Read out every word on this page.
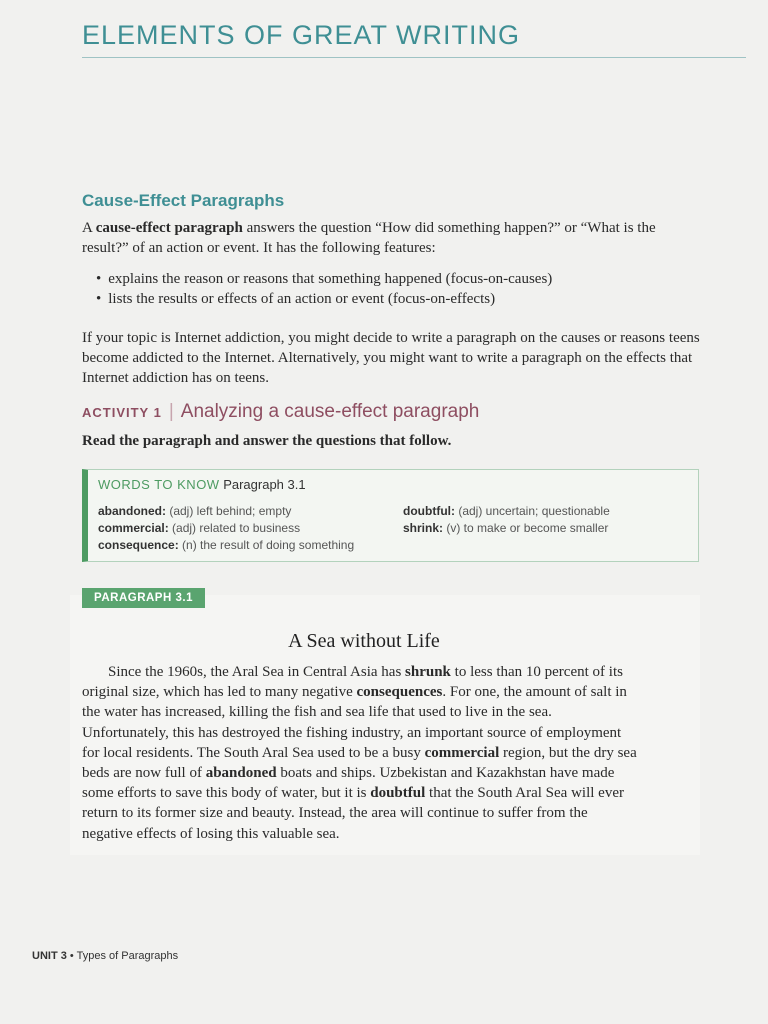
ELEMENTS OF GREAT WRITING
Cause-Effect Paragraphs

A cause-effect paragraph answers the question “How did something happen?” or “What is the result?” of an action or event. It has the following features:

• explains the reason or reasons that something happened (focus-on-causes)
• lists the results or effects of an action or event (focus-on-effects)

If your topic is Internet addiction, you might decide to write a paragraph on the causes or reasons teens become addicted to the Internet. Alternatively, you might want to write a paragraph on the effects that Internet addiction has on teens.

ACTIVITY 1 | Analyzing a cause-effect paragraph

Read the paragraph and answer the questions that follow.

WORDS TO KNOW Paragraph 3.1
abandoned: (adj) left behind; empty
commercial: (adj) related to business
consequence: (n) the result of doing something
doubtful: (adj) uncertain; questionable
shrink: (v) to make or become smaller
PARAGRAPH 3.1
A Sea without Life

Since the 1960s, the Aral Sea in Central Asia has shrunk to less than 10 percent of its original size, which has led to many negative consequences. For one, the amount of salt in the water has increased, killing the fish and sea life that used to live in the sea. Unfortunately, this has destroyed the fishing industry, an important source of employment for local residents. The South Aral Sea used to be a busy commercial region, but the dry sea beds are now full of abandoned boats and ships. Uzbekistan and Kazakhstan have made some efforts to save this body of water, but it is doubtful that the South Aral Sea will ever return to its former size and beauty. Instead, the area will continue to suffer from the negative effects of losing this valuable sea.

UNIT 3 • Types of Paragraphs
